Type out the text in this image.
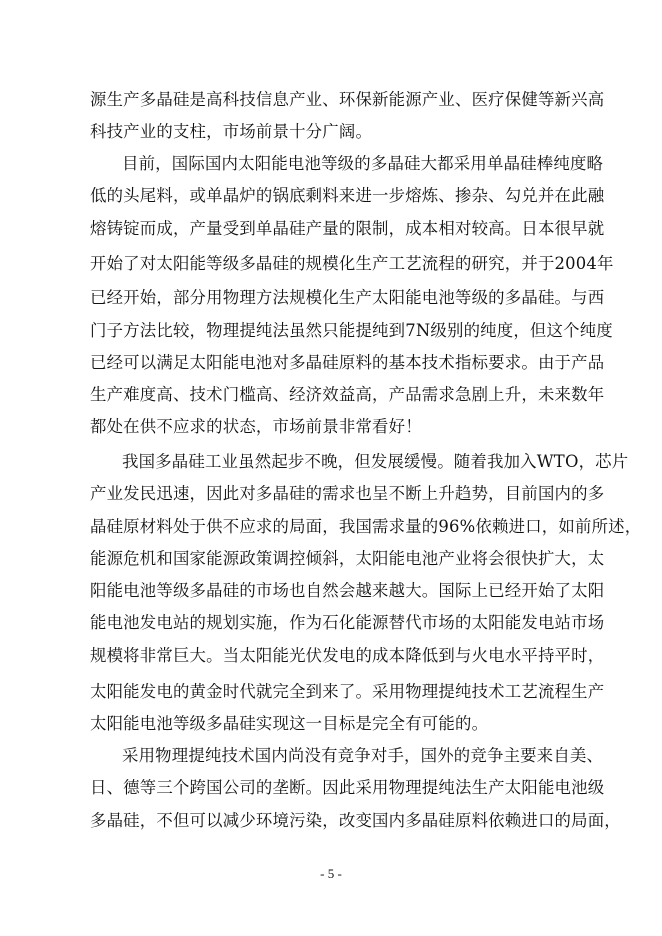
源生产多晶硅是高科技信息产业、环保新能源产业、医疗保健等新兴高
科技产业的支柱，市场前景十分广阔。
目前，国际国内太阳能电池等级的多晶硅大都采用单晶硅棒纯度略
低的头尾料，或单晶炉的锅底剩料来进一步熔炼、掺杂、勾兑并在此融
熔铸锭而成，产量受到单晶硅产量的限制，成本相对较高。日本很早就
开始了对太阳能等级多晶硅的规模化生产工艺流程的研究，并于2004年
已经开始，部分用物理方法规模化生产太阳能电池等级的多晶硅。与西
门子方法比较，物理提纯法虽然只能提纯到7N级别的纯度，但这个纯度
已经可以满足太阳能电池对多晶硅原料的基本技术指标要求。由于产品
生产难度高、技术门槛高、经济效益高，产品需求急剧上升，未来数年
都处在供不应求的状态，市场前景非常看好！
我国多晶硅工业虽然起步不晚，但发展缓慢。随着我加入WTO，芯片
产业发民迅速，因此对多晶硅的需求也呈不断上升趋势，目前国内的多
晶硅原材料处于供不应求的局面，我国需求量的96%依赖进口，如前所述，
能源危机和国家能源政策调控倾斜，太阳能电池产业将会很快扩大，太
阳能电池等级多晶硅的市场也自然会越来越大。国际上已经开始了太阳
能电池发电站的规划实施，作为石化能源替代市场的太阳能发电站市场
规模将非常巨大。当太阳能光伏发电的成本降低到与火电水平持平时，
太阳能发电的黄金时代就完全到来了。采用物理提纯技术工艺流程生产
太阳能电池等级多晶硅实现这一目标是完全有可能的。
采用物理提纯技术国内尚没有竞争对手，国外的竞争主要来自美、
日、德等三个跨国公司的垄断。因此采用物理提纯法生产太阳能电池级
多晶硅，不但可以减少环境污染，改变国内多晶硅原料依赖进口的局面，
- 5 -
